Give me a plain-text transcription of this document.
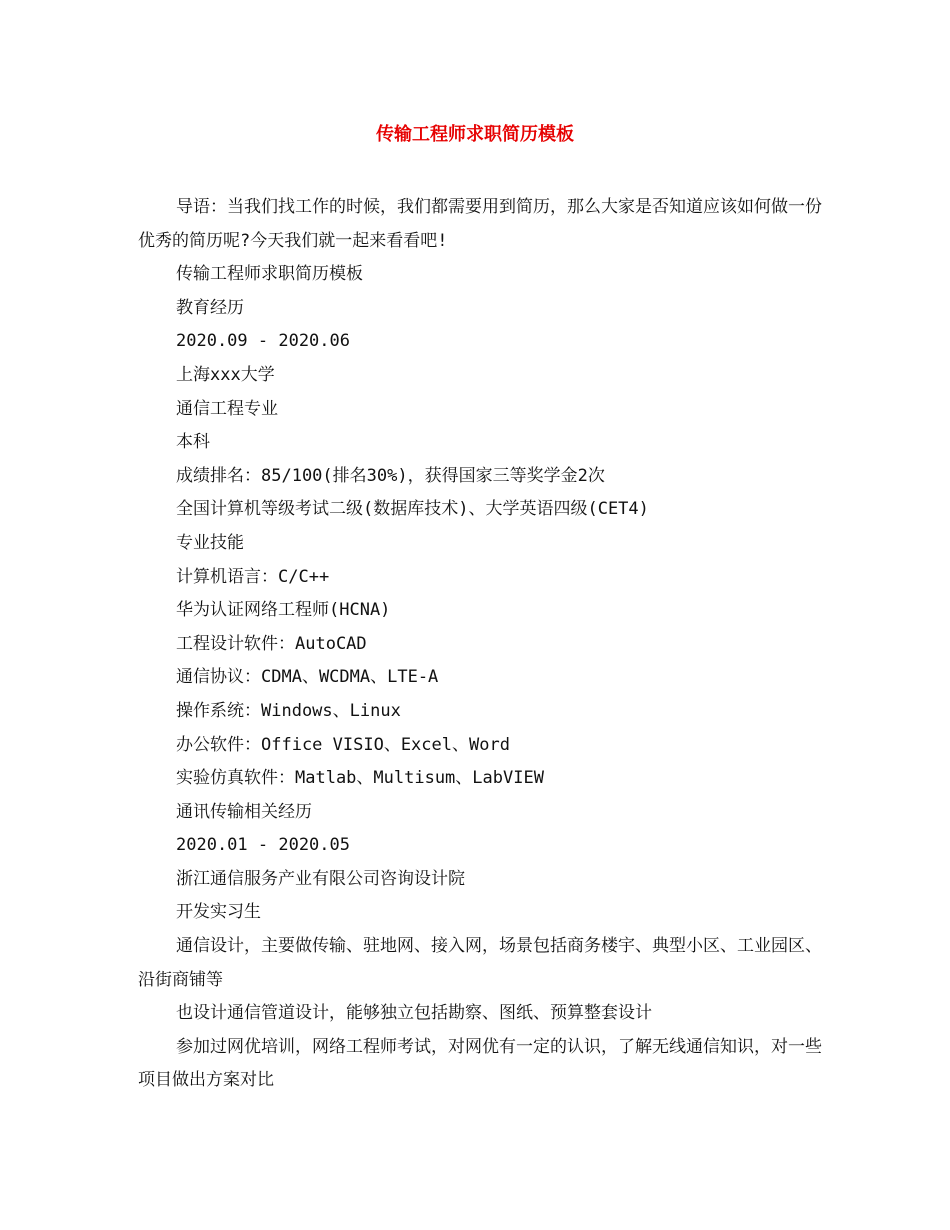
传输工程师求职简历模板

导语：当我们找工作的时候，我们都需要用到简历，那么大家是否知道应该如何做一份优秀的简历呢?今天我们就一起来看看吧!

传输工程师求职简历模板

教育经历

2020.09 - 2020.06

上海xxx大学

通信工程专业

本科

成绩排名：85/100(排名30%)，获得国家三等奖学金2次

全国计算机等级考试二级(数据库技术)、大学英语四级(CET4)

专业技能

计算机语言：C/C++

华为认证网络工程师(HCNA)

工程设计软件：AutoCAD

通信协议：CDMA、WCDMA、LTE-A

操作系统：Windows、Linux

办公软件：Office VISIO、Excel、Word

实验仿真软件：Matlab、Multisum、LabVIEW

通讯传输相关经历

2020.01 - 2020.05

浙江通信服务产业有限公司咨询设计院

开发实习生

通信设计，主要做传输、驻地网、接入网，场景包括商务楼宇、典型小区、工业园区、沿街商铺等

也设计通信管道设计，能够独立包括勘察、图纸、预算整套设计

参加过网优培训，网络工程师考试，对网优有一定的认识，了解无线通信知识，对一些项目做出方案对比
